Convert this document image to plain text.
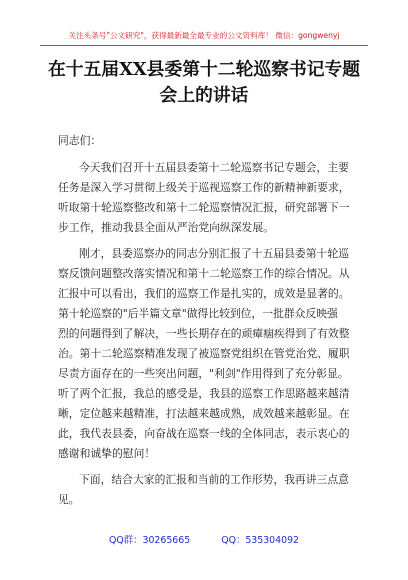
关注头条号"公文研究"，获得最新最全最专业的公文资料库！ 微信：gongwenyj
在十五届XX县委第十二轮巡察书记专题
会上的讲话
同志们：
今天我们召开十五届县委第十二轮巡察书记专题会，主要
任务是深入学习贯彻上级关于巡视巡察工作的新精神新要求，
听取第十轮巡察整改和第十二轮巡察情况汇报，研究部署下一
步工作，推动我县全面从严治党向纵深发展。
刚才，县委巡察办的同志分别汇报了十五届县委第十轮巡
察反馈问题整改落实情况和第十二轮巡察工作的综合情况。从
汇报中可以看出，我们的巡察工作是扎实的，成效是显著的。
第十轮巡察的"后半篇文章"做得比较到位，一批群众反映强
烈的问题得到了解决，一些长期存在的顽瘴痼疾得到了有效整
治。第十二轮巡察精准发现了被巡察党组织在管党治党、履职
尽责方面存在的一些突出问题，"利剑"作用得到了充分彰显。
听了两个汇报，我总的感受是，我县的巡察工作思路越来越清
晰，定位越来越精准，打法越来越成熟，成效越来越彰显。在
此，我代表县委，向奋战在巡察一线的全体同志，表示衷心的
感谢和诚挚的慰问！
下面，结合大家的汇报和当前的工作形势，我再讲三点意
见。
QQ群：30265665	QQ：535304092
